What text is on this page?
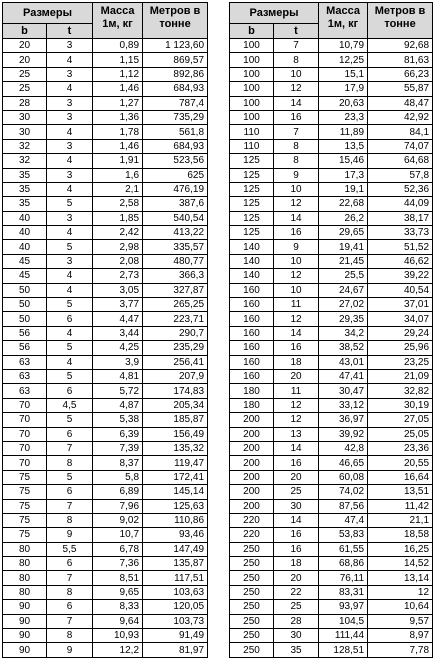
Размеры		Масса 1м, кг	Метров в тонне
b	t		
20	3	0,89	1 123,60
20	4	1,15	869,57
25	3	1,12	892,86
25	4	1,46	684,93
28	3	1,27	787,4
30	3	1,36	735,29
30	4	1,78	561,8
32	3	1,46	684,93
32	4	1,91	523,56
35	3	1,6	625
35	4	2,1	476,19
35	5	2,58	387,6
40	3	1,85	540,54
40	4	2,42	413,22
40	5	2,98	335,57
45	3	2,08	480,77
45	4	2,73	366,3
50	4	3,05	327,87
50	5	3,77	265,25
50	6	4,47	223,71
56	4	3,44	290,7
56	5	4,25	235,29
63	4	3,9	256,41
63	5	4,81	207,9
63	6	5,72	174,83
70	4,5	4,87	205,34
70	5	5,38	185,87
70	6	6,39	156,49
70	7	7,39	135,32
70	8	8,37	119,47
75	5	5,8	172,41
75	6	6,89	145,14
75	7	7,96	125,63
75	8	9,02	110,86
75	9	10,7	93,46
80	5,5	6,78	147,49
80	6	7,36	135,87
80	7	8,51	117,51
80	8	9,65	103,63
90	6	8,33	120,05
90	7	9,64	103,73
90	8	10,93	91,49
90	9	12,2	81,97
Размеры		Масса 1м, кг	Метров в тонне
b	t		
100	7	10,79	92,68
100	8	12,25	81,63
100	10	15,1	66,23
100	12	17,9	55,87
100	14	20,63	48,47
100	16	23,3	42,92
110	7	11,89	84,1
110	8	13,5	74,07
125	8	15,46	64,68
125	9	17,3	57,8
125	10	19,1	52,36
125	12	22,68	44,09
125	14	26,2	38,17
125	16	29,65	33,73
140	9	19,41	51,52
140	10	21,45	46,62
140	12	25,5	39,22
160	10	24,67	40,54
160	11	27,02	37,01
160	12	29,35	34,07
160	14	34,2	29,24
160	16	38,52	25,96
160	18	43,01	23,25
160	20	47,41	21,09
180	11	30,47	32,82
180	12	33,12	30,19
200	12	36,97	27,05
200	13	39,92	25,05
200	14	42,8	23,36
200	16	46,65	20,55
200	20	60,08	16,64
200	25	74,02	13,51
200	30	87,56	11,42
220	14	47,4	21,1
220	16	53,83	18,58
250	16	61,55	16,25
250	18	68,86	14,52
250	20	76,11	13,14
250	22	83,31	12
250	25	93,97	10,64
250	28	104,5	9,57
250	30	111,44	8,97
250	35	128,51	7,78
